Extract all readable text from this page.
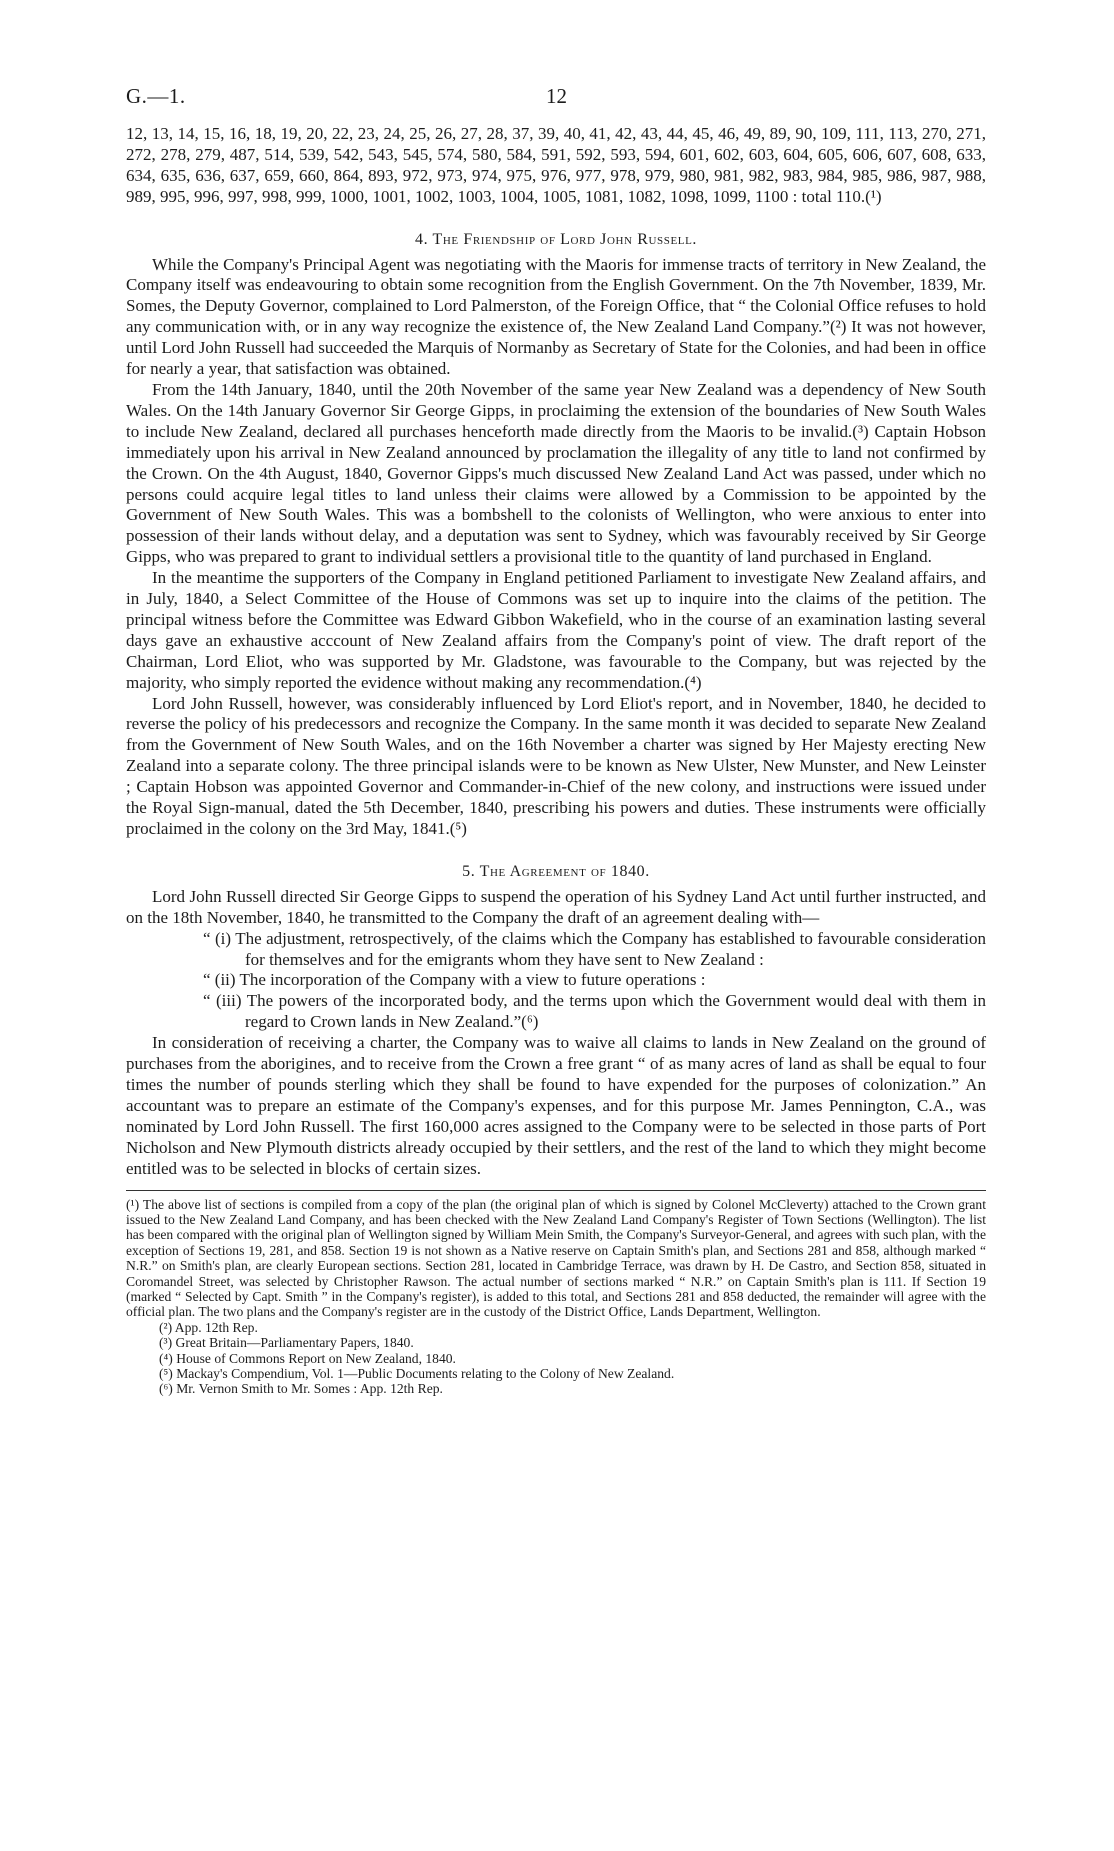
G.—1.	12

12, 13, 14, 15, 16, 18, 19, 20, 22, 23, 24, 25, 26, 27, 28, 37, 39, 40, 41, 42, 43, 44, 45, 46, 49, 89, 90, 109, 111, 113, 270, 271, 272, 278, 279, 487, 514, 539, 542, 543, 545, 574, 580, 584, 591, 592, 593, 594, 601, 602, 603, 604, 605, 606, 607, 608, 633, 634, 635, 636, 637, 659, 660, 864, 893, 972, 973, 974, 975, 976, 977, 978, 979, 980, 981, 982, 983, 984, 985, 986, 987, 988, 989, 995, 996, 997, 998, 999, 1000, 1001, 1002, 1003, 1004, 1005, 1081, 1082, 1098, 1099, 1100 : total 110.(¹)

4. The Friendship of Lord John Russell.

While the Company's Principal Agent was negotiating with the Maoris for immense tracts of territory in New Zealand, the Company itself was endeavouring to obtain some recognition from the English Government. On the 7th November, 1839, Mr. Somes, the Deputy Governor, complained to Lord Palmerston, of the Foreign Office, that “ the Colonial Office refuses to hold any communication with, or in any way recognize the existence of, the New Zealand Land Company.”(²) It was not however, until Lord John Russell had succeeded the Marquis of Normanby as Secretary of State for the Colonies, and had been in office for nearly a year, that satisfaction was obtained.

From the 14th January, 1840, until the 20th November of the same year New Zealand was a dependency of New South Wales. On the 14th January Governor Sir George Gipps, in proclaiming the extension of the boundaries of New South Wales to include New Zealand, declared all purchases henceforth made directly from the Maoris to be invalid.(³) Captain Hobson immediately upon his arrival in New Zealand announced by proclamation the illegality of any title to land not confirmed by the Crown. On the 4th August, 1840, Governor Gipps's much discussed New Zealand Land Act was passed, under which no persons could acquire legal titles to land unless their claims were allowed by a Commission to be appointed by the Government of New South Wales. This was a bombshell to the colonists of Wellington, who were anxious to enter into possession of their lands without delay, and a deputation was sent to Sydney, which was favourably received by Sir George Gipps, who was prepared to grant to individual settlers a provisional title to the quantity of land purchased in England.

In the meantime the supporters of the Company in England petitioned Parliament to investigate New Zealand affairs, and in July, 1840, a Select Committee of the House of Commons was set up to inquire into the claims of the petition. The principal witness before the Committee was Edward Gibbon Wakefield, who in the course of an examination lasting several days gave an exhaustive acccount of New Zealand affairs from the Company's point of view. The draft report of the Chairman, Lord Eliot, who was supported by Mr. Gladstone, was favourable to the Company, but was rejected by the majority, who simply reported the evidence without making any recommendation.(⁴)

Lord John Russell, however, was considerably influenced by Lord Eliot's report, and in November, 1840, he decided to reverse the policy of his predecessors and recognize the Company. In the same month it was decided to separate New Zealand from the Government of New South Wales, and on the 16th November a charter was signed by Her Majesty erecting New Zealand into a separate colony. The three principal islands were to be known as New Ulster, New Munster, and New Leinster ; Captain Hobson was appointed Governor and Commander-in-Chief of the new colony, and instructions were issued under the Royal Sign-manual, dated the 5th December, 1840, prescribing his powers and duties. These instruments were officially proclaimed in the colony on the 3rd May, 1841.(⁵)

5. The Agreement of 1840.

Lord John Russell directed Sir George Gipps to suspend the operation of his Sydney Land Act until further instructed, and on the 18th November, 1840, he transmitted to the Company the draft of an agreement dealing with—

“ (i) The adjustment, retrospectively, of the claims which the Company has established to favourable consideration for themselves and for the emigrants whom they have sent to New Zealand :
“ (ii) The incorporation of the Company with a view to future operations :
“ (iii) The powers of the incorporated body, and the terms upon which the Government would deal with them in regard to Crown lands in New Zealand.”(⁶)

In consideration of receiving a charter, the Company was to waive all claims to lands in New Zealand on the ground of purchases from the aborigines, and to receive from the Crown a free grant “ of as many acres of land as shall be equal to four times the number of pounds sterling which they shall be found to have expended for the purposes of colonization.” An accountant was to prepare an estimate of the Company's expenses, and for this purpose Mr. James Pennington, C.A., was nominated by Lord John Russell. The first 160,000 acres assigned to the Company were to be selected in those parts of Port Nicholson and New Plymouth districts already occupied by their settlers, and the rest of the land to which they might become entitled was to be selected in blocks of certain sizes.

(¹) The above list of sections is compiled from a copy of the plan (the original plan of which is signed by Colonel McCleverty) attached to the Crown grant issued to the New Zealand Land Company, and has been checked with the New Zealand Land Company's Register of Town Sections (Wellington). The list has been compared with the original plan of Wellington signed by William Mein Smith, the Company's Surveyor-General, and agrees with such plan, with the exception of Sections 19, 281, and 858. Section 19 is not shown as a Native reserve on Captain Smith's plan, and Sections 281 and 858, although marked “ N.R.” on Smith's plan, are clearly European sections. Section 281, located in Cambridge Terrace, was drawn by H. De Castro, and Section 858, situated in Coromandel Street, was selected by Christopher Rawson. The actual number of sections marked “ N.R.” on Captain Smith's plan is 111. If Section 19 (marked “ Selected by Capt. Smith ” in the Company's register), is added to this total, and Sections 281 and 858 deducted, the remainder will agree with the official plan. The two plans and the Company's register are in the custody of the District Office, Lands Department, Wellington.

(²) App. 12th Rep.

(³) Great Britain—Parliamentary Papers, 1840.

(⁴) House of Commons Report on New Zealand, 1840.

(⁵) Mackay's Compendium, Vol. 1—Public Documents relating to the Colony of New Zealand.

(⁶) Mr. Vernon Smith to Mr. Somes : App. 12th Rep.
